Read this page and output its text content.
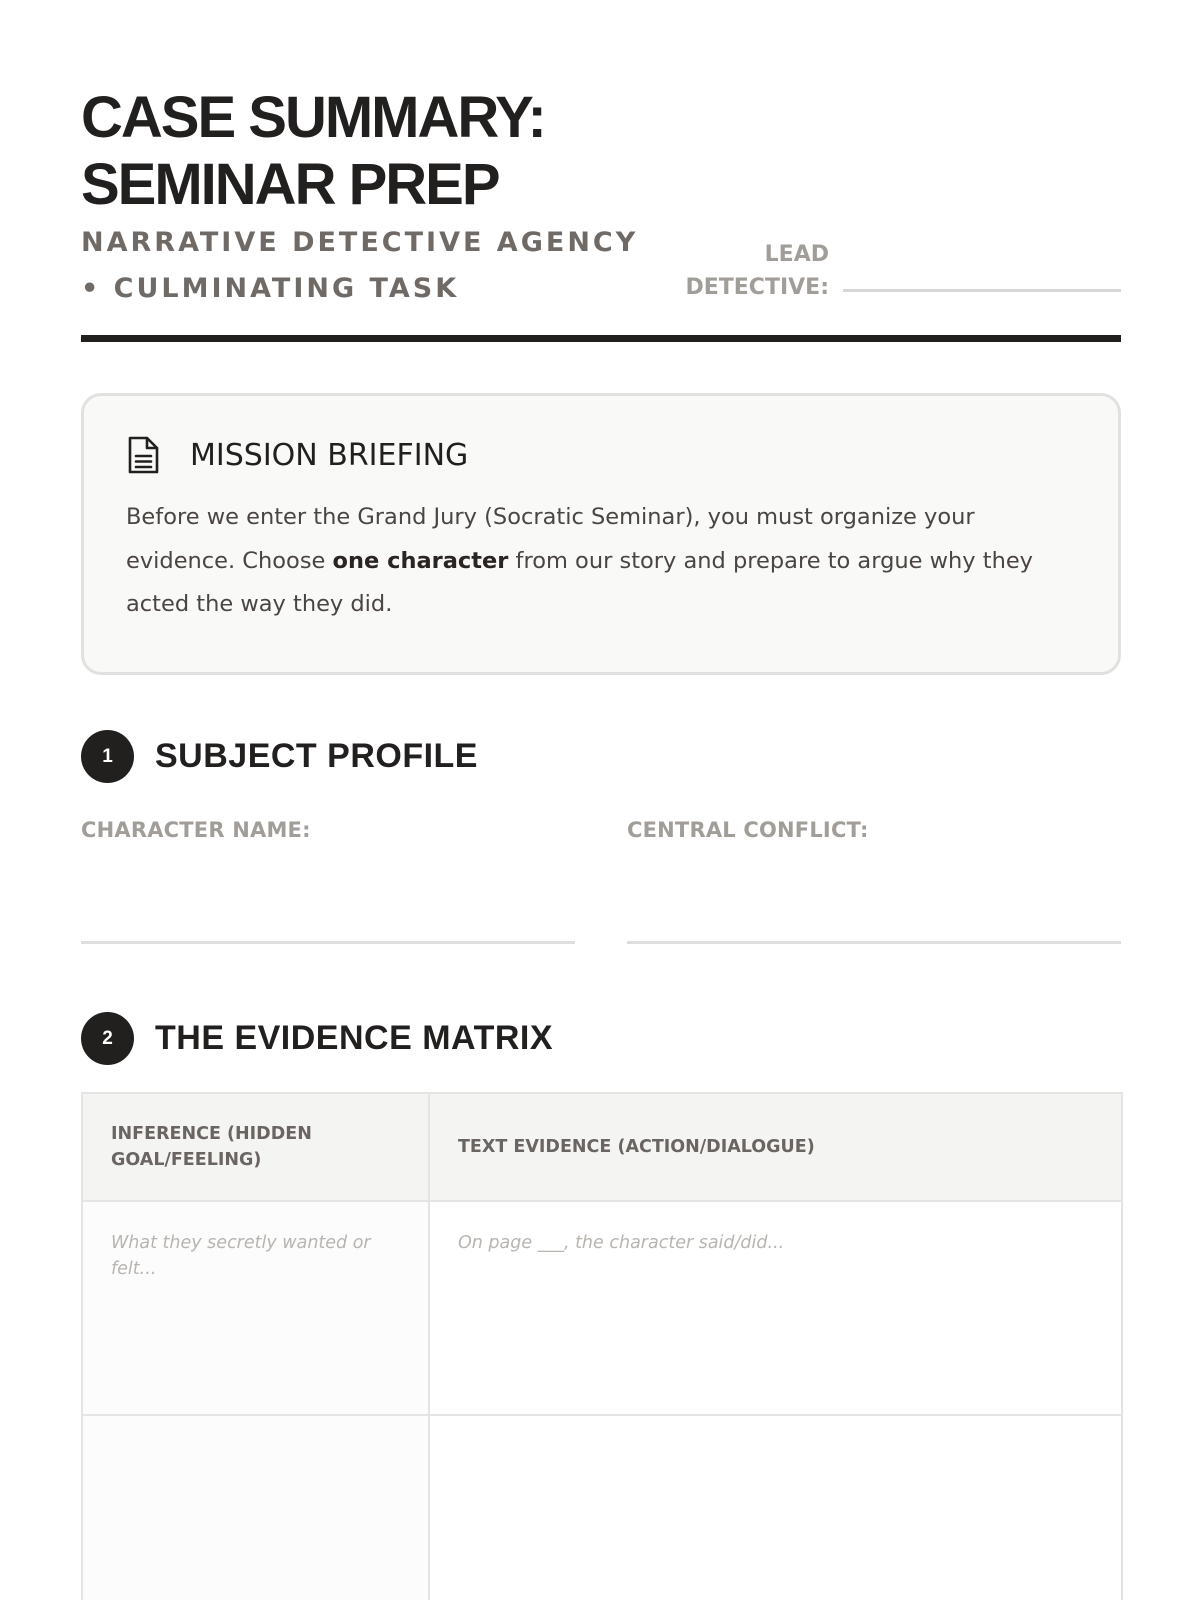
CASE SUMMARY:
SEMINAR PREP
NARRATIVE DETECTIVE AGENCY
• CULMINATING TASK
LEAD
DETECTIVE:
MISSION BRIEFING

Before we enter the Grand Jury (Socratic Seminar), you must organize your evidence. Choose one character from our story and prepare to argue why they acted the way they did.

1	SUBJECT PROFILE
CHARACTER NAME:	CENTRAL CONFLICT:
2	THE EVIDENCE MATRIX
INFERENCE (HIDDEN GOAL/FEELING)	TEXT EVIDENCE (ACTION/DIALOGUE)
What they secretly wanted or felt...	On page ___, the character said/did...
